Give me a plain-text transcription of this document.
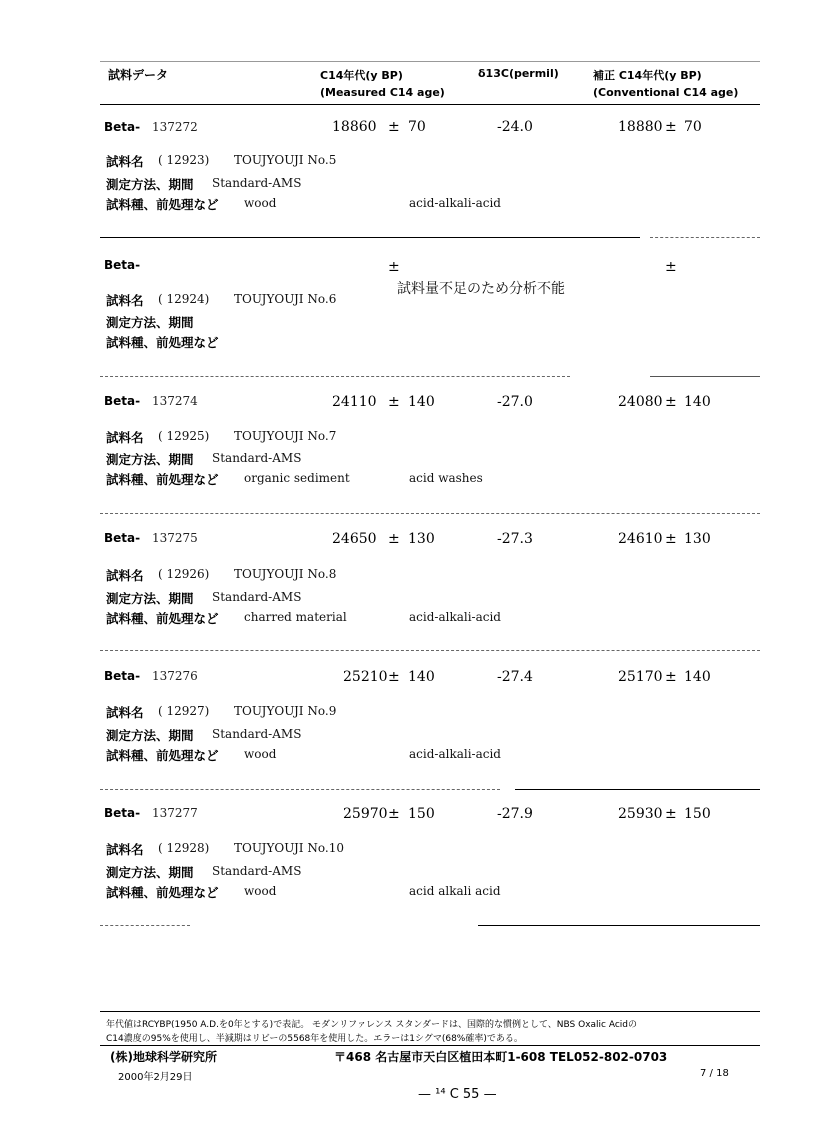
試料データ	C14年代(y BP)
(Measured C14 age)
δ13C(permil)	補正 C14年代(y BP)
(Conventional C14 age)
Beta- 137272	18860 ± 70	-24.0	18880 ± 70
試料名 ( 12923) TOUJYOUJI No.5
測定方法、期間 Standard-AMS
試料種、前処理など wood	acid-alkali-acid
Beta-	±	±
試料量不足のため分析不能
試料名 ( 12924) TOUJYOUJI No.6
測定方法、期間
試料種、前処理など
Beta- 137274	24110 ± 140	-27.0	24080 ± 140
試料名 ( 12925) TOUJYOUJI No.7
測定方法、期間 Standard-AMS
試料種、前処理など organic sediment	acid washes
Beta- 137275	24650 ± 130	-27.3	24610 ± 130
試料名 ( 12926) TOUJYOUJI No.8
測定方法、期間 Standard-AMS
試料種、前処理など charred material	acid-alkali-acid
Beta- 137276	25210 ± 140	-27.4	25170 ± 140
試料名 ( 12927) TOUJYOUJI No.9
測定方法、期間 Standard-AMS
試料種、前処理など wood	acid-alkali-acid
Beta- 137277	25970 ± 150	-27.9	25930 ± 150
試料名 ( 12928) TOUJYOUJI No.10
測定方法、期間 Standard-AMS
試料種、前処理など wood	acid alkali acid
年代値はRCYBP(1950 A.D.を0年とする)で表記。 モダンリファレンス スタンダードは、国際的な慣例として、NBS Oxalic Acidの
C14濃度の95%を使用し、半減期はリビーの5568年を使用した。エラーは1シグマ(68%確率)である。
(株)地球科学研究所	〒468 名古屋市天白区植田本町1-608 TEL052-802-0703
2000年2月29日	7 / 18
— ¹⁴ C 55 —
